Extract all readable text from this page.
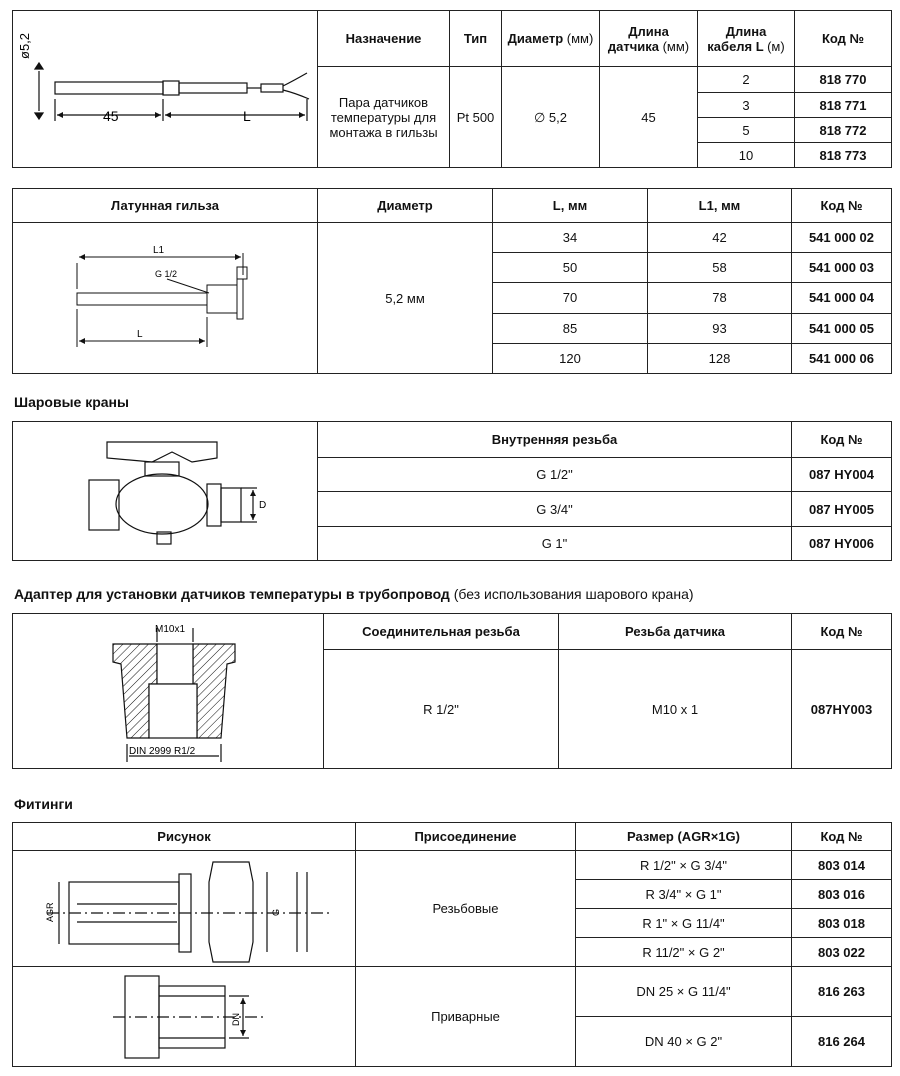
ø5,2
45 L	Назначение	Тип	Диаметр (мм)	Длина датчика (мм)	Длина кабеля L (м)	Код №
	Пара датчиков температуры для монтажа в гильзы	Pt 500	∅ 5,2	45	2	818 770
					3	818 771
					5	818 772
					10	818 773
Латунная гильза	Диаметр	L, мм	L1, мм	Код №

L1
G 1/2
L	5,2 мм	34	42	541 000 02
		50	58	541 000 03
		70	78	541 000 04
		85	93	541 000 05
		120	128	541 000 06
Шаровые краны
D	Внутренняя резьба	Код №
	G 1/2"	087 HY004
	G 3/4"	087 HY005
	G 1"	087 HY006
Адаптер для установки датчиков температуры в трубопровод (без использования шарового крана)
M10x1
DIN 2999 R1/2	Соединительная резьба	Резьба датчика	Код №
	R 1/2"	M10 x 1	087HY003
Фитинги
Рисунок	Присоединение	Размер (AGR×1G)	Код №

AGR G	Резьбовые	R 1/2" × G 3/4"	803 014
		R 3/4" × G 1"	803 016
		R 1" × G 11/4"	803 018
		R 11/2" × G 2"	803 022

DN	Приварные	DN 25 × G 11/4"	816 263
		DN 40 × G 2"	816 264
